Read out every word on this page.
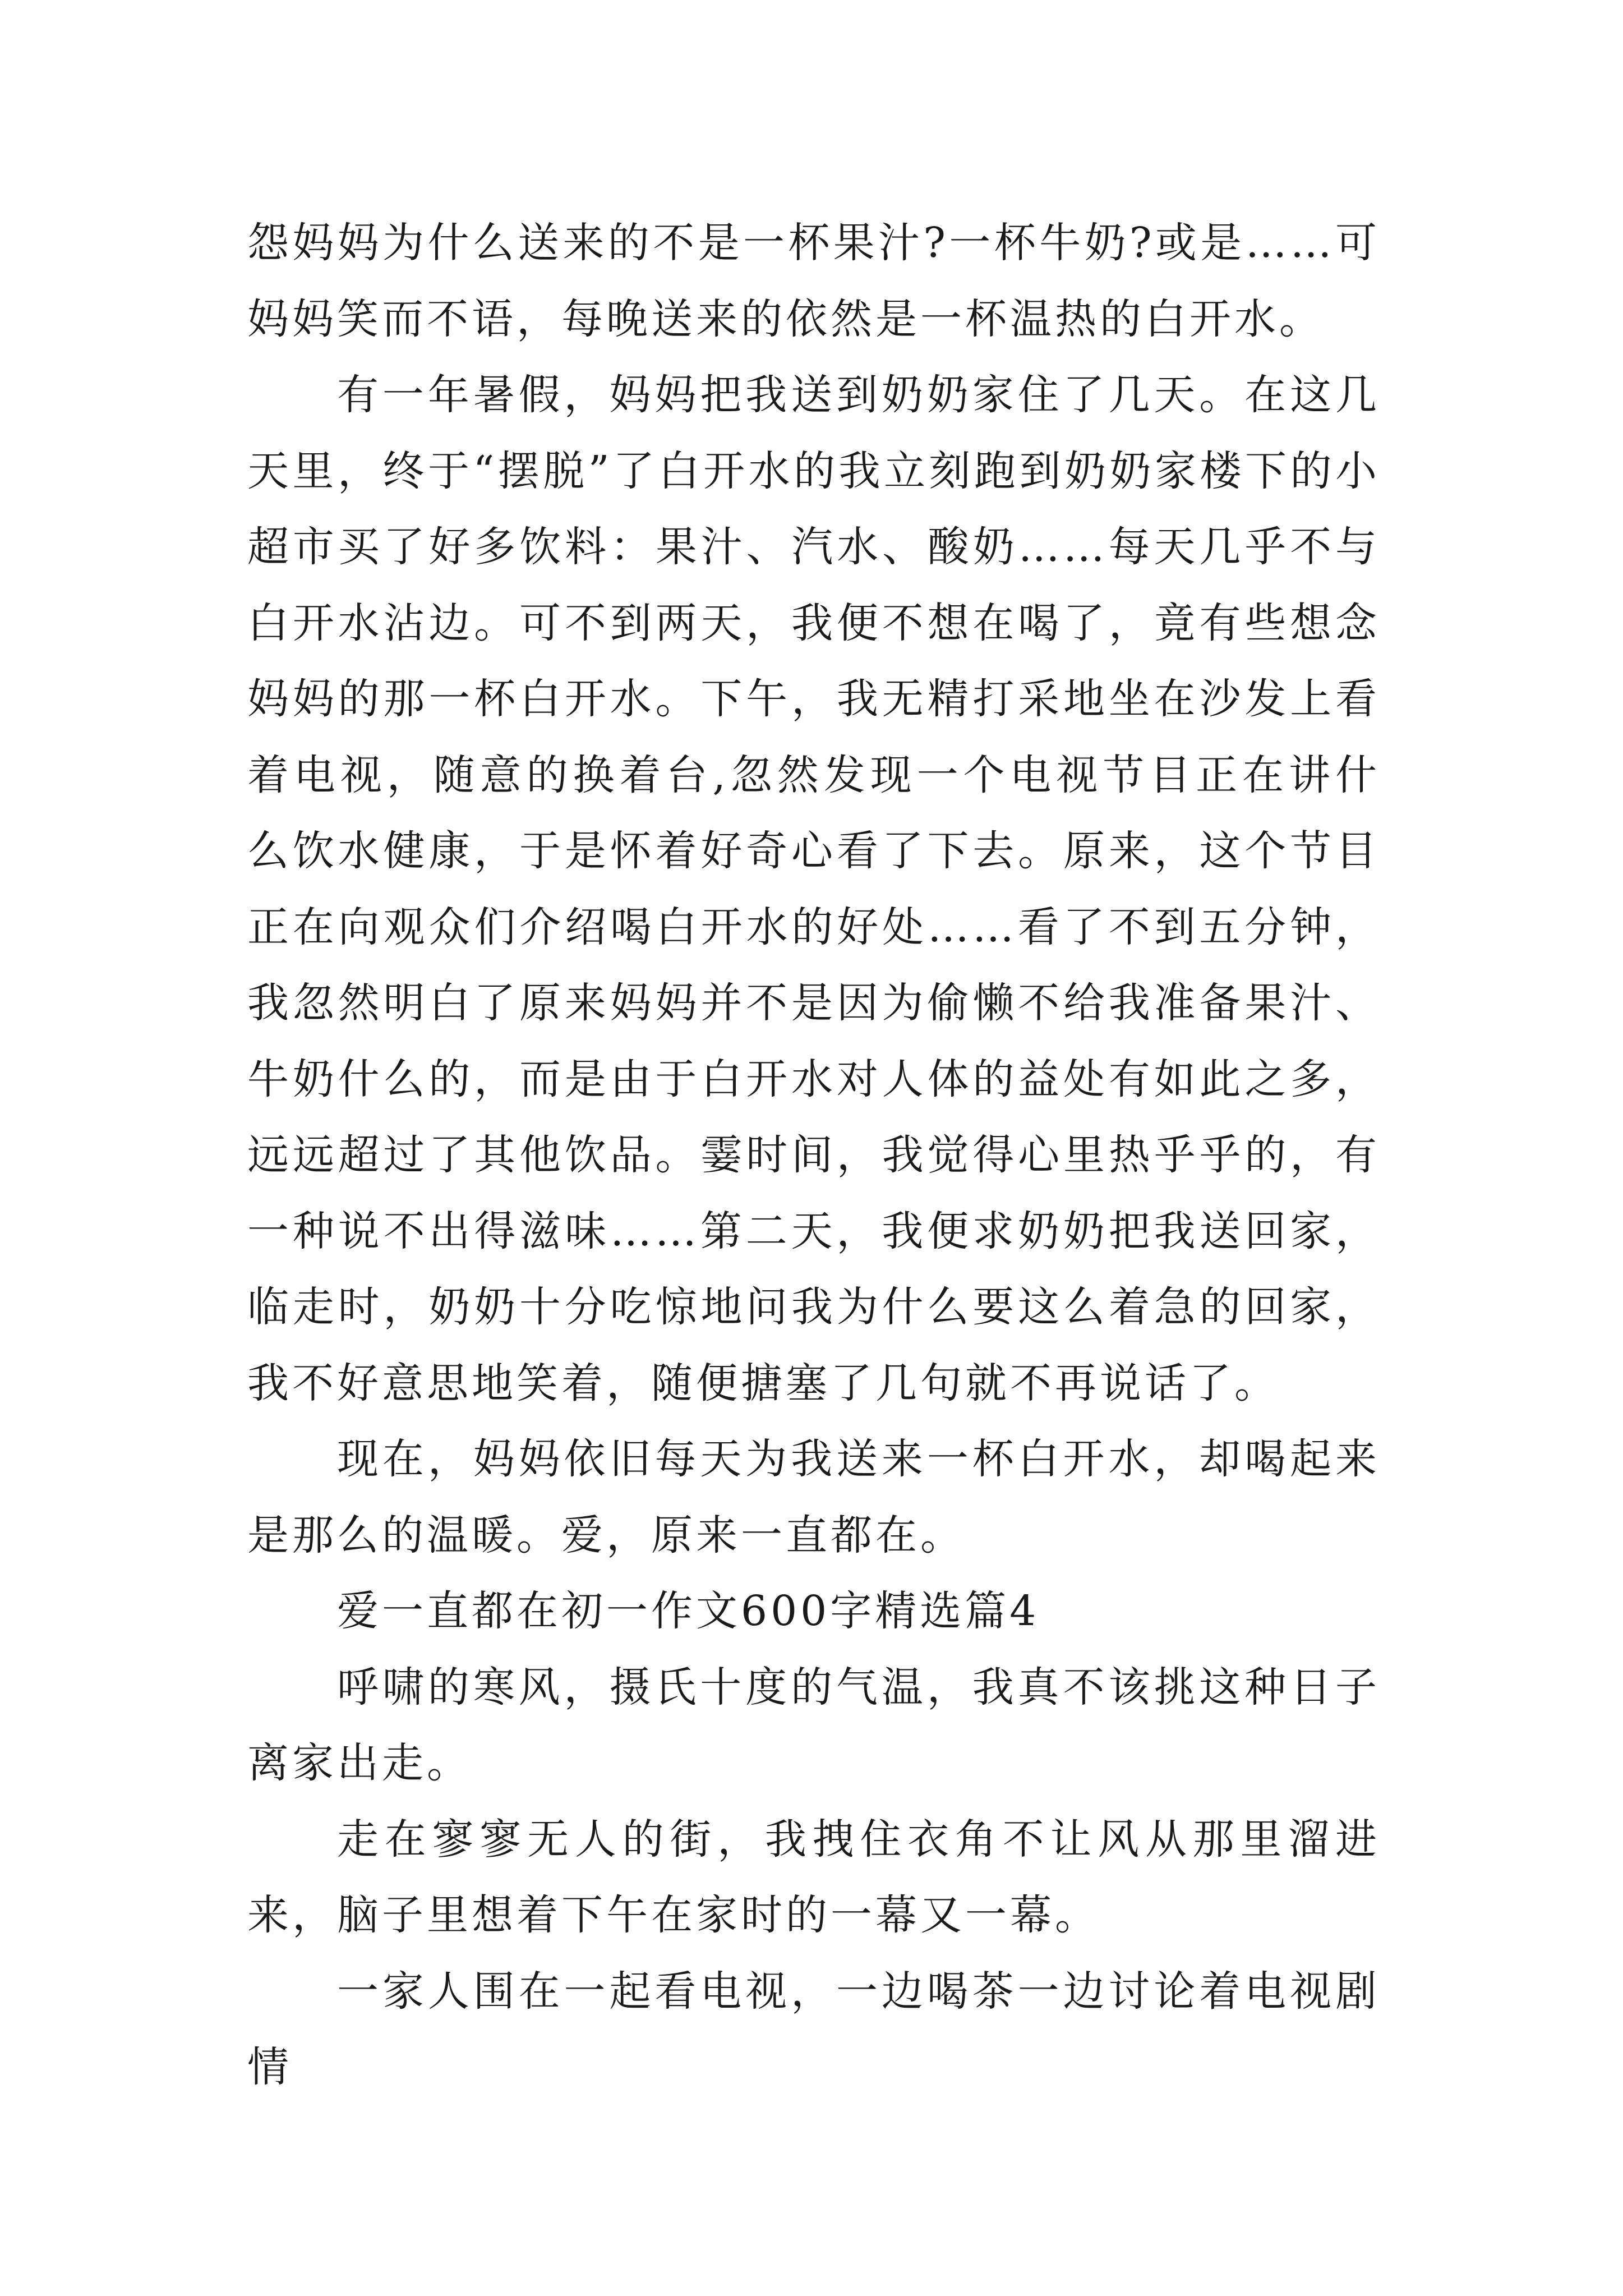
怨妈妈为什么送来的不是一杯果汁?一杯牛奶?或是……可妈妈笑而不语，每晚送来的依然是一杯温热的白开水。

有一年暑假，妈妈把我送到奶奶家住了几天。在这几天里，终于“摆脱”了白开水的我立刻跑到奶奶家楼下的小超市买了好多饮料：果汁、汽水、酸奶……每天几乎不与白开水沾边。可不到两天，我便不想在喝了，竟有些想念妈妈的那一杯白开水。下午，我无精打采地坐在沙发上看着电视，随意的换着台,忽然发现一个电视节目正在讲什么饮水健康，于是怀着好奇心看了下去。原来，这个节目正在向观众们介绍喝白开水的好处……看了不到五分钟，我忽然明白了原来妈妈并不是因为偷懒不给我准备果汁、牛奶什么的，而是由于白开水对人体的益处有如此之多，远远超过了其他饮品。霎时间，我觉得心里热乎乎的，有一种说不出得滋味……第二天，我便求奶奶把我送回家，临走时，奶奶十分吃惊地问我为什么要这么着急的回家，我不好意思地笑着，随便搪塞了几句就不再说话了。

现在，妈妈依旧每天为我送来一杯白开水，却喝起来是那么的温暖。爱，原来一直都在。

爱一直都在初一作文600字精选篇4

呼啸的寒风，摄氏十度的气温，我真不该挑这种日子离家出走。

走在寥寥无人的街，我拽住衣角不让风从那里溜进来，脑子里想着下午在家时的一幕又一幕。

一家人围在一起看电视，一边喝茶一边讨论着电视剧情
